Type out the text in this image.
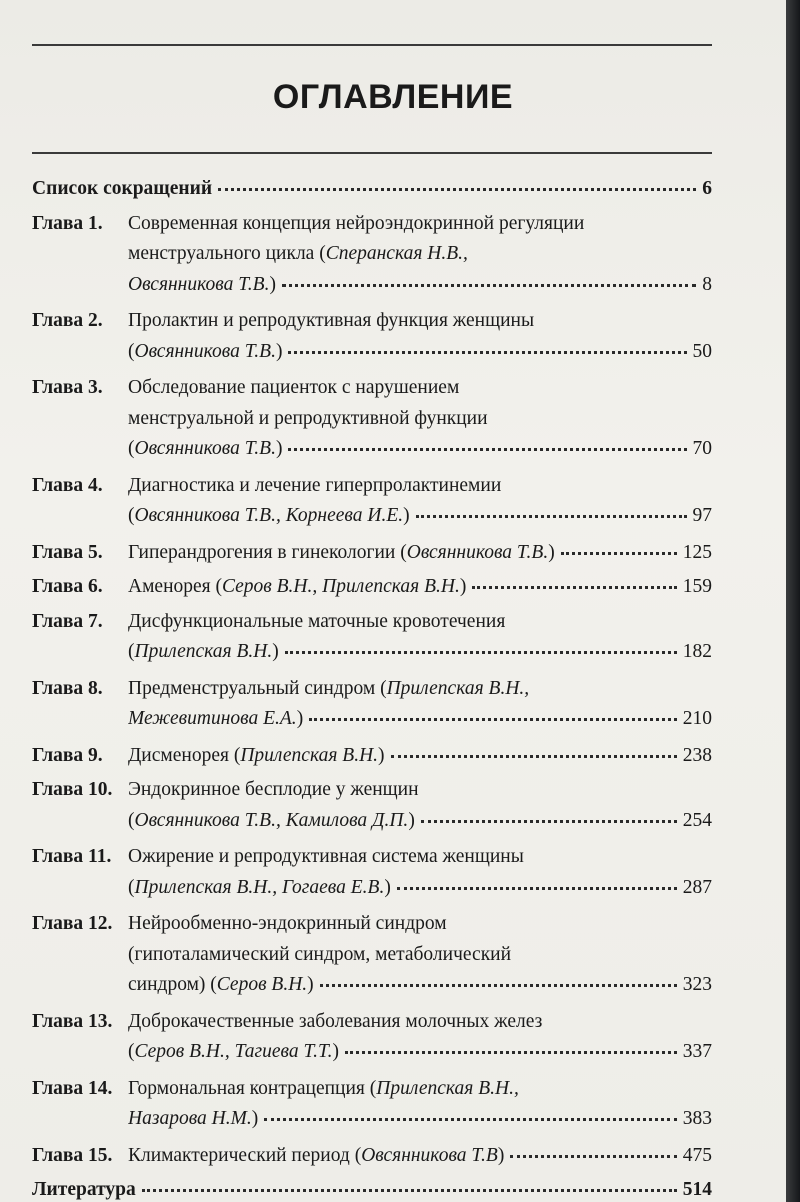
ОГЛАВЛЕНИЕ
Список сокращений	6
Глава 1. Современная концепция нейроэндокринной регуляции
менструального цикла (Сперанская Н.В.,
Овсянникова Т.В.)	8
Глава 2. Пролактин и репродуктивная функция женщины
(Овсянникова Т.В.)	50
Глава 3. Обследование пациенток с нарушением
менструальной и репродуктивной функции
(Овсянникова Т.В.)	70
Глава 4. Диагностика и лечение гиперпролактинемии
(Овсянникова Т.В., Корнеева И.Е.)	97
Глава 5. Гиперандрогения в гинекологии (Овсянникова Т.В.)	125
Глава 6. Аменорея (Серов В.Н., Прилепская В.Н.)	159
Глава 7. Дисфункциональные маточные кровотечения
(Прилепская В.Н.)	182
Глава 8. Предменструальный синдром (Прилепская В.Н.,
Межевитинова Е.А.)	210
Глава 9. Дисменорея (Прилепская В.Н.)	238
Глава 10. Эндокринное бесплодие у женщин
(Овсянникова Т.В., Камилова Д.П.)	254
Глава 11. Ожирение и репродуктивная система женщины
(Прилепская В.Н., Гогаева Е.В.)	287
Глава 12. Нейрообменно-эндокринный синдром
(гипоталамический синдром, метаболический
синдром) (Серов В.Н.)	323
Глава 13. Доброкачественные заболевания молочных желез
(Серов В.Н., Тагиева Т.Т.)	337
Глава 14. Гормональная контрацепция (Прилепская В.Н.,
Назарова Н.М.)	383
Глава 15. Климактерический период (Овсянникова Т.В)	475
Литература	514
